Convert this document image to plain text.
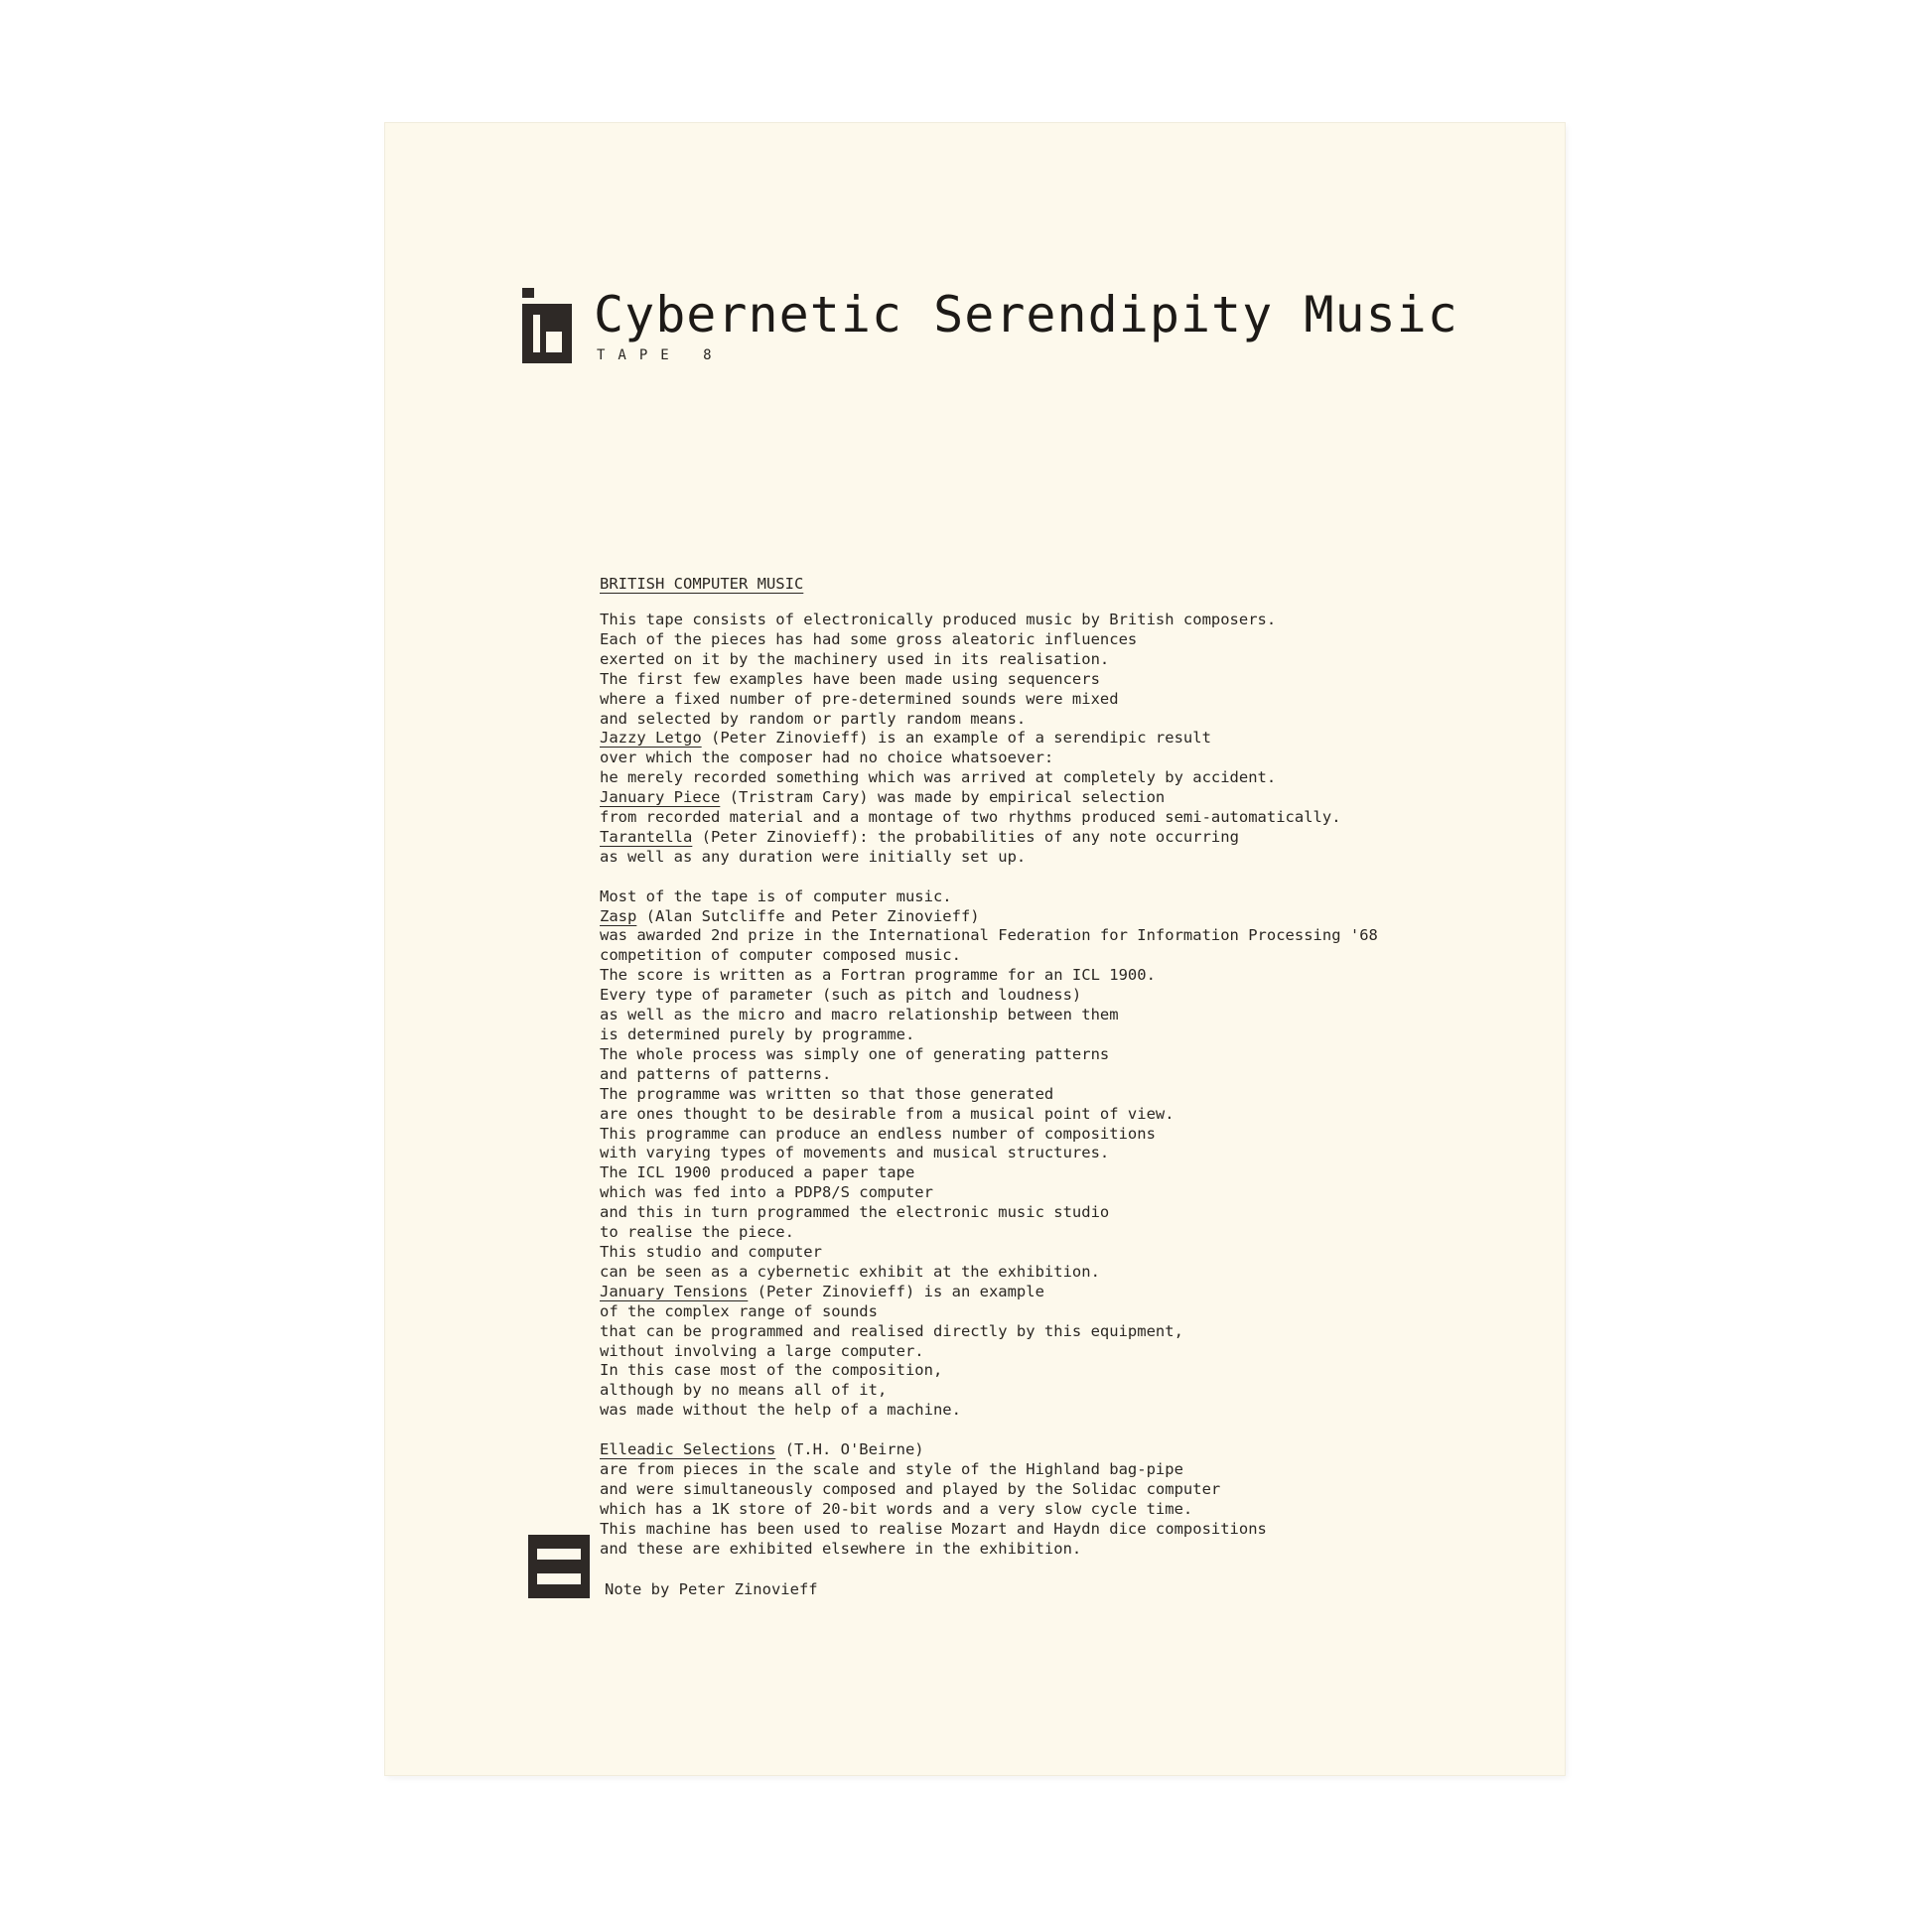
Cybernetic Serendipity Music
TAPE 8
BRITISH COMPUTER MUSIC
This tape consists of electronically produced music by British composers.
Each of the pieces has had some gross aleatoric influences
exerted on it by the machinery used in its realisation.
The first few examples have been made using sequencers
where a fixed number of pre-determined sounds were mixed
and selected by random or partly random means.
Jazzy Letgo (Peter Zinovieff) is an example of a serendipic result
over which the composer had no choice whatsoever:
he merely recorded something which was arrived at completely by accident.
January Piece (Tristram Cary) was made by empirical selection
from recorded material and a montage of two rhythms produced semi-automatically.
Tarantella (Peter Zinovieff): the probabilities of any note occurring
as well as any duration were initially set up.
Most of the tape is of computer music.
Zasp (Alan Sutcliffe and Peter Zinovieff)
was awarded 2nd prize in the International Federation for Information Processing '68
competition of computer composed music.
The score is written as a Fortran programme for an ICL 1900.
Every type of parameter (such as pitch and loudness)
as well as the micro and macro relationship between them
is determined purely by programme.
The whole process was simply one of generating patterns
and patterns of patterns.
The programme was written so that those generated
are ones thought to be desirable from a musical point of view.
This programme can produce an endless number of compositions
with varying types of movements and musical structures.
The ICL 1900 produced a paper tape
which was fed into a PDP8/S computer
and this in turn programmed the electronic music studio
to realise the piece.
This studio and computer
can be seen as a cybernetic exhibit at the exhibition.
January Tensions (Peter Zinovieff) is an example
of the complex range of sounds
that can be programmed and realised directly by this equipment,
without involving a large computer.
In this case most of the composition,
although by no means all of it,
was made without the help of a machine.
Elleadic Selections (T.H. O'Beirne)
are from pieces in the scale and style of the Highland bag-pipe
and were simultaneously composed and played by the Solidac computer
which has a 1K store of 20-bit words and a very slow cycle time.
This machine has been used to realise Mozart and Haydn dice compositions
and these are exhibited elsewhere in the exhibition.
Note by Peter Zinovieff
